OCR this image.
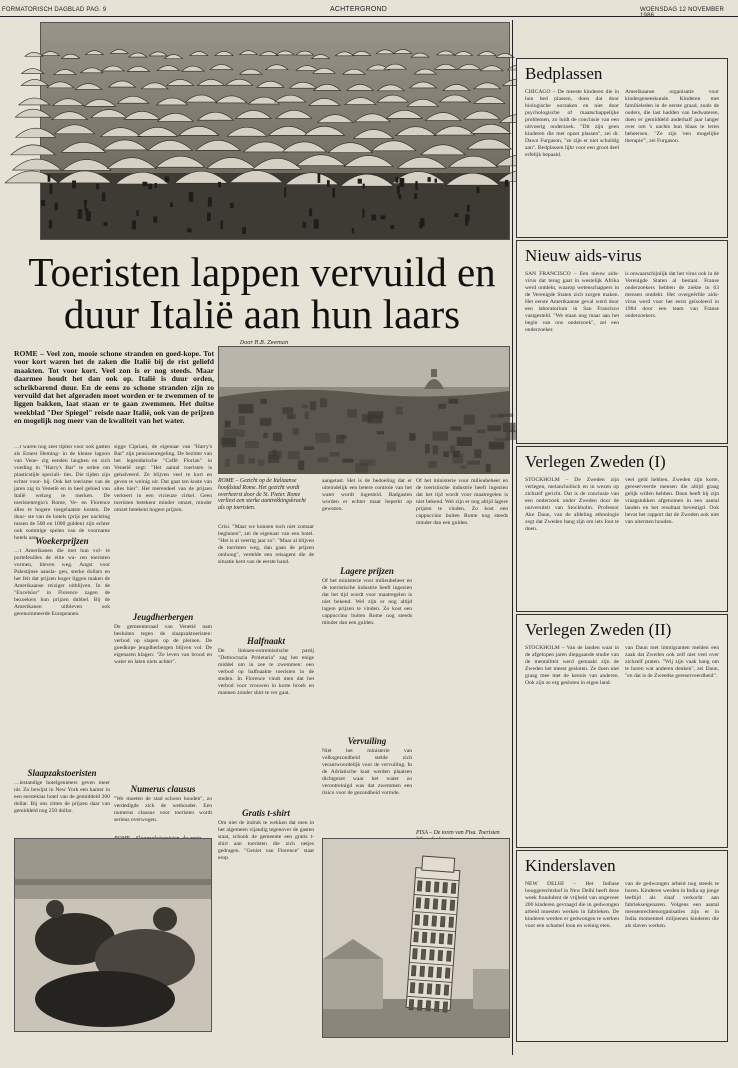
FORMATORISCH DAGBLAD PAG. 9	ACHTERGROND	WOENSDAG 12 NOVEMBER
Toeristen lappen vervuild en
duur Italië aan hun laars
Door R.B. Zeeman
ROME – Veel zon, mooie schone stranden en goed-kope. Tot voor kort waren het de zaken die Italië bij de rist geliefd maakten. Tot voor kort. Veel zon is er nog steeds. Maar daarmee houdt het dan ook op. Italië is duur orden, schrikbarend duur. En de eens zo schone stranden zijn zo vervuild dat het afgeraden moet worden er te zwemmen of te liggen bakken, laat staan er te gaan zwemmen. Het duitse weekblad "Der Spiegel" reisde naar Italië, ook van de prijzen en mogelijk nog meer van de kwaliteit van het water.
…t waren nog zeer tiplen voor ook gasten als Ernest Heming- in de kleuse lagoon van Vene- zig eenden langhen en zich voeding in "Harry's Bar" te orden om plasticstijle speciali- ties. Die tijden zijn echter voor- bij. Ook het toerisme van de jaren zig in Venetië en in heel gebied van Italië welzeg te merken. De toeristenregio's Rome, Ve- en Florence alles te hogere toegelaatste kosten. De duur- ste van de hotels (prijs per nachting tussen de 500 en 1000 gulden) zijn echter ook sommige spelen van de voorname hotels aan.
Woekerprijzen
…t Amerikanen die met hun vol- le portefeuilles de elite wa- ren toeristen vormen, bleven weg. Angst voor Palestijnse aansla- gen, sterke dollars en het feit dat prijzen hoger liggen maken de Amerikaanse reiziger uitblijven. In de "Excelsior" in Florence zagen de bezoekers hun prijzen dubbel. Bij de Amerikanen uitbleven ook gerenommeerde Europeanen.
Slaapzakstoeristen
…iestandige hotelgenieters geven meer uit. Zo bewijst in New York een kamer in een eersteklas hotel van de gemiddeld 200 dollar. Bij ons zitten de prijzen daar van gemiddeld nog 250 dollar.
sigge Cipriani, de eigenaar van "Harry's Bar" zijn pensioenregeling. De bezitter van het legendarische "Caffè Florian" in Venetië zegt: "Het aantal toeristen is gehalveerd. Ze blijven veel te kort en geven te weinig uit. Dat gaat ten koste van alles hier". Het merendeel van de prijzen verkeert in een vicieuze cirkel. Geen toeristen betekent minder omzet, minder omzet betekent hogere prijzen.
Jeugdherbergen
De gemeenteraad van Venetië nam besluiten tegen de slaapzaktoeristen: verbod op slapen op de pleinen. De goedkope jeugdherbergen blijven vol. De eigenaren klagen: "Ze leven van brood en water en laten niets achter".
Numerus clausus
"We moeten de stad schoon houden", zo verdedigde zich de wethouder. Een numerus clausus voor toeristen wordt serieus overwogen.
ROME – Gezicht op de Italiaanse hoofdstad Rome. Het gezicht wordt overheerst door de St. Pieter. Rome verliest een sterke aantrekkingskracht als op toeristen.
Crisi. "Maar we kunnen toch niet zomaar beginnen", zei de eigenaar van een hotel. "Het is al veertig jaar zo". "Maar al blijven de toeristen weg, dan gaan de prijzen omhoog", vertelde een reisagent die de situatie kent van de eerste hand.
Halfnaakt
De linksen-extremistische partij "Democrazia Proletaria" zag het enige middel om in zee te zwemmen: een verbod op halfnaakte toeristen in de steden. In Florence vindt men dat het verbod voor vrouwen in korte broek en mannen zonder shirt te ver gaat.
Gratis t-shirt
Om niet de indruk te wekken dat men in het algemeen vijandig tegenover de gasten staat, schonk de gemeente een gratis t-shirt aan toeristen die zich netjes gedragen. "Geniet van Florence" staat erop.
aangetast. Het is de bedoeling dat er uiteindelijk een betere controle van het water wordt ingesteld. Badgasten worden er echter maar beperkt op gewezen.
Lagere prijzen
Of het ministerie voor milieubeheer en de toeristische industrie heeft ingezien dat het tijd wordt voor maatregelen is niet bekend. Wel zijn er nog altijd lagere prijzen te vinden. Zo kost een cappuccino buiten Rome nog steeds minder dan een gulden.
Vervuiling
Niet het ministerie van volksgezondheid stelde zich verantwoordelijk voor de vervuiling. In de Adriatische kust werden plaatsen dichtgezet waar het water zo verontreinigd was dat zwemmen een risico voor de gezondheid vormde.
Of het ministerie voor milieubeheer en de toeristische industrie heeft ingezien dat het tijd wordt voor maatregelen is niet bekend. Wel zijn er nog altijd lagere prijzen te vinden. Zo kost een cappuccino buiten Rome nog steeds minder dan een gulden.
PISA – De toren van Pisa. Toeristen
Bedplassen
CHICAGO – De meeste kinderen die in hun bed plassen, doen dat door biologische oorzaken en niet door psychologische of maatschappelijke problemen, zo luidt de conclusie van een uitvoerig onderzoek. "Dit zijn geen kinderen die met opzet plassen", zei dr. Dawn Furgason, "ze zijn er niet schuldig aan". Bedplassen lijkt voor een groot deel erfelijk bepaald.
Amerikaanse organisatie voor kindergeneeskunde. Kinderen met familieleden in de eerste graad, zoals de ouders, die last hadden van bedwateren, doen er gemiddeld anderhalf jaar langer over om 's nachts hun blaas te leren beheersen. "Ze zijn 'een mogelijke therapie'", zei Furgason.
Nieuw aids-virus
SAN FRANCISCO – Een nieuw aids-virus dat terug gaat in westelijk Afrika werd ontdekt, waarop wetenschappers in de Verenigde Staten zich zorgen maken. Het eerste Amerikaanse geval werd door een laboratorium in San Francisco vastgesteld. "We staan nog maar aan het begin van ons onderzoek", zei een onderzoeker.
is onwaarschijnlijk dat het virus ook in de Verenigde Staten al bestaat. Franse onderzoekers hebben de ziekte in 63 mensen ontdekt. Het overgeërfde aids-virus werd voor het eerst geïsoleerd in 1984 door een team van Franse onderzoekers.
Verlegen Zweden (I)
STOCKHOLM – De Zweden zijn verlegen, melancholisch en in wezen op zichzelf gericht. Dat is de conclusie van een onderzoek onder Zweden door de universiteit van Stockholm. Professor Ake Daun, van de afdeling ethnologie zegt dat Zweden bang zijn om iets fout te doen.
veel geld hebben. Zweden zijn korte, gereserveerde mensen die altijd graag gelijk willen hebben. Daun heeft bij zijn vraagstukken afgenomen in een aantal landen en het resultaat bevestigd. Ook bevat het rapport dat de Zweden ook niet van uitersten houden.
Verlegen Zweden (II)
STOCKHOLM – Van de landen waar in de afgelopen jaren diepgaande studie van de mentaliteit werd gemaakt zijn de Zweden het meest gesloten. Ze doen niet graag mee met de kennis van anderen. Ook zijn ze erg gesloten in eigen land.
van Daun met immigranten melden een zaak dat Zweden ook zelf niet veel over zichzelf praten. "Wij zijn vaak bang om te horen wat anderen denken", zei Daun, "en dat is de Zweedse gereserveerdheid".
Kinderslaven
NEW DELHI – Het Indiase hooggerechtshof in New Delhi heeft deze week fraudulent de vrijheid van ongeveer 200 kinderen gevraagd die in gedwongen arbeid moesten werken in fabrieken. De kinderen werden er gedwongen te werken voor een schamel loon en weinig eten.
van de gedwongen arbeid nog steeds te horen. Kinderen werden in India op jonge leeftijd als slaaf verkocht aan fabriekseigenaren. Volgens een aantal mensenrechtenorganisaties zijn er in India momenteel miljoenen kinderen die als slaven werken.
